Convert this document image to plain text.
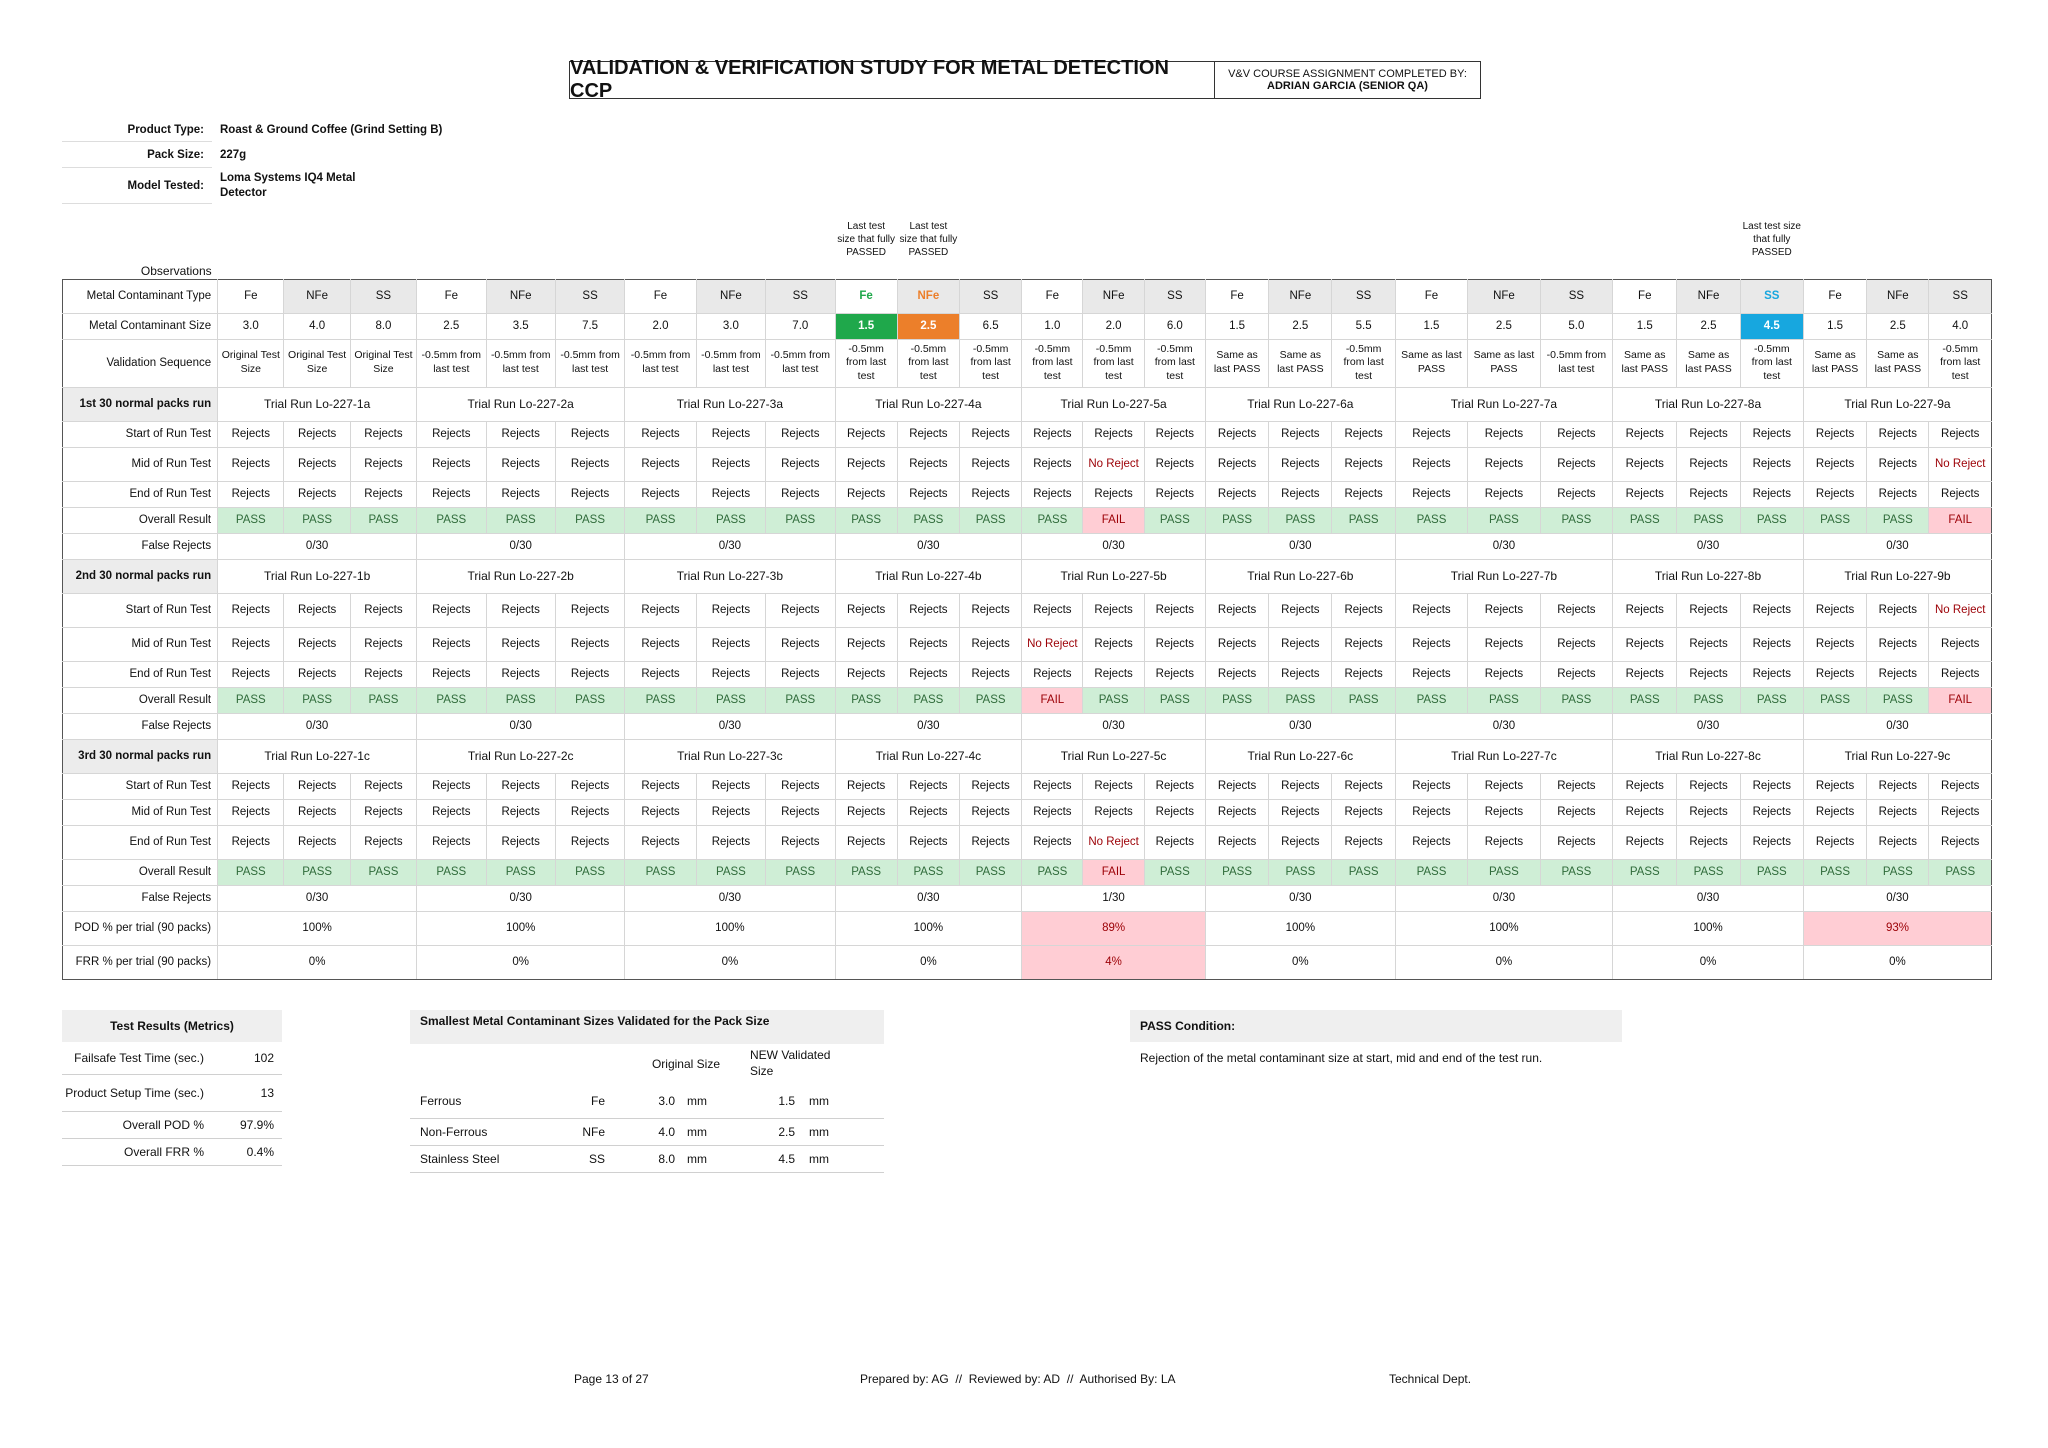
VALIDATION & VERIFICATION STUDY FOR METAL DETECTION CCP
V&V COURSE ASSIGNMENT COMPLETED BY:
ADRIAN GARCIA (SENIOR QA)
Product Type:	Roast & Ground Coffee (Grind Setting B)
Pack Size:	227g
Model Tested:
Loma Systems IQ4 Metal Detector
										Last test size that fully PASSED	Last test size that fully PASSED													Last test size that fully PASSED			
Observations																											
Metal Contaminant Type	Fe	NFe	SS	Fe	NFe	SS	Fe	NFe	SS	Fe	NFe	SS	Fe	NFe	SS	Fe	NFe	SS	Fe	NFe	SS	Fe	NFe	SS	Fe	NFe	SS
Metal Contaminant Size	3.0	4.0	8.0	2.5	3.5	7.5	2.0	3.0	7.0	1.5	2.5	6.5	1.0	2.0	6.0	1.5	2.5	5.5	1.5	2.5	5.0	1.5	2.5	4.5	1.5	2.5	4.0
Validation Sequence	Original Test Size	Original Test Size	Original Test Size	-0.5mm from last test	-0.5mm from last test	-0.5mm from last test	-0.5mm from last test	-0.5mm from last test	-0.5mm from last test	-0.5mm from last test	-0.5mm from last test	-0.5mm from last test	-0.5mm from last test	-0.5mm from last test	-0.5mm from last test	Same as last PASS	Same as last PASS	-0.5mm from last test	Same as last PASS	Same as last PASS	-0.5mm from last test	Same as last PASS	Same as last PASS	-0.5mm from last test	Same as last PASS	Same as last PASS	-0.5mm from last test
1st 30 normal packs run	Trial Run Lo-227-1a			Trial Run Lo-227-2a			Trial Run Lo-227-3a			Trial Run Lo-227-4a			Trial Run Lo-227-5a			Trial Run Lo-227-6a			Trial Run Lo-227-7a			Trial Run Lo-227-8a			Trial Run Lo-227-9a		
Start of Run Test	Rejects	Rejects	Rejects	Rejects	Rejects	Rejects	Rejects	Rejects	Rejects	Rejects	Rejects	Rejects	Rejects	Rejects	Rejects	Rejects	Rejects	Rejects	Rejects	Rejects	Rejects	Rejects	Rejects	Rejects	Rejects	Rejects	Rejects
Mid of Run Test	Rejects	Rejects	Rejects	Rejects	Rejects	Rejects	Rejects	Rejects	Rejects	Rejects	Rejects	Rejects	Rejects	No Reject	Rejects	Rejects	Rejects	Rejects	Rejects	Rejects	Rejects	Rejects	Rejects	Rejects	Rejects	Rejects	No Reject
End of Run Test	Rejects	Rejects	Rejects	Rejects	Rejects	Rejects	Rejects	Rejects	Rejects	Rejects	Rejects	Rejects	Rejects	Rejects	Rejects	Rejects	Rejects	Rejects	Rejects	Rejects	Rejects	Rejects	Rejects	Rejects	Rejects	Rejects	Rejects
Overall Result	PASS	PASS	PASS	PASS	PASS	PASS	PASS	PASS	PASS	PASS	PASS	PASS	PASS	FAIL	PASS	PASS	PASS	PASS	PASS	PASS	PASS	PASS	PASS	PASS	PASS	PASS	FAIL
False Rejects	0/30			0/30			0/30			0/30			0/30			0/30			0/30			0/30			0/30		
2nd 30 normal packs run	Trial Run Lo-227-1b			Trial Run Lo-227-2b			Trial Run Lo-227-3b			Trial Run Lo-227-4b			Trial Run Lo-227-5b			Trial Run Lo-227-6b			Trial Run Lo-227-7b			Trial Run Lo-227-8b			Trial Run Lo-227-9b		
Start of Run Test	Rejects	Rejects	Rejects	Rejects	Rejects	Rejects	Rejects	Rejects	Rejects	Rejects	Rejects	Rejects	Rejects	Rejects	Rejects	Rejects	Rejects	Rejects	Rejects	Rejects	Rejects	Rejects	Rejects	Rejects	Rejects	Rejects	No Reject
Mid of Run Test	Rejects	Rejects	Rejects	Rejects	Rejects	Rejects	Rejects	Rejects	Rejects	Rejects	Rejects	Rejects	No Reject	Rejects	Rejects	Rejects	Rejects	Rejects	Rejects	Rejects	Rejects	Rejects	Rejects	Rejects	Rejects	Rejects	Rejects
End of Run Test	Rejects	Rejects	Rejects	Rejects	Rejects	Rejects	Rejects	Rejects	Rejects	Rejects	Rejects	Rejects	Rejects	Rejects	Rejects	Rejects	Rejects	Rejects	Rejects	Rejects	Rejects	Rejects	Rejects	Rejects	Rejects	Rejects	Rejects
Overall Result	PASS	PASS	PASS	PASS	PASS	PASS	PASS	PASS	PASS	PASS	PASS	PASS	FAIL	PASS	PASS	PASS	PASS	PASS	PASS	PASS	PASS	PASS	PASS	PASS	PASS	PASS	FAIL
False Rejects	0/30			0/30			0/30			0/30			0/30			0/30			0/30			0/30			0/30		
3rd 30 normal packs run	Trial Run Lo-227-1c			Trial Run Lo-227-2c			Trial Run Lo-227-3c			Trial Run Lo-227-4c			Trial Run Lo-227-5c			Trial Run Lo-227-6c			Trial Run Lo-227-7c			Trial Run Lo-227-8c			Trial Run Lo-227-9c		
Start of Run Test	Rejects	Rejects	Rejects	Rejects	Rejects	Rejects	Rejects	Rejects	Rejects	Rejects	Rejects	Rejects	Rejects	Rejects	Rejects	Rejects	Rejects	Rejects	Rejects	Rejects	Rejects	Rejects	Rejects	Rejects	Rejects	Rejects	Rejects
Mid of Run Test	Rejects	Rejects	Rejects	Rejects	Rejects	Rejects	Rejects	Rejects	Rejects	Rejects	Rejects	Rejects	Rejects	Rejects	Rejects	Rejects	Rejects	Rejects	Rejects	Rejects	Rejects	Rejects	Rejects	Rejects	Rejects	Rejects	Rejects
End of Run Test	Rejects	Rejects	Rejects	Rejects	Rejects	Rejects	Rejects	Rejects	Rejects	Rejects	Rejects	Rejects	Rejects	No Reject	Rejects	Rejects	Rejects	Rejects	Rejects	Rejects	Rejects	Rejects	Rejects	Rejects	Rejects	Rejects	Rejects
Overall Result	PASS	PASS	PASS	PASS	PASS	PASS	PASS	PASS	PASS	PASS	PASS	PASS	PASS	FAIL	PASS	PASS	PASS	PASS	PASS	PASS	PASS	PASS	PASS	PASS	PASS	PASS	PASS
False Rejects	0/30			0/30			0/30			0/30			1/30			0/30			0/30			0/30			0/30		
POD % per trial (90 packs)	100%			100%			100%			100%			89%			100%			100%			100%			93%		
FRR % per trial (90 packs)	0%			0%			0%			0%			4%			0%			0%			0%			0%		
Test Results (Metrics)
Failsafe Test Time (sec.)	102
Product Setup Time (sec.)	13
Overall POD %	97.9%
Overall FRR %	0.4%
Smallest Metal Contaminant Sizes Validated for the Pack Size
Original Size
NEW Validated Size
Ferrous	Fe	3.0	mm	1.5	mm
Non-Ferrous	NFe	4.0	mm	2.5	mm
Stainless Steel	SS	8.0	mm	4.5	mm
PASS Condition:
Rejection of the metal contaminant size at start, mid and end of the test run.
Page 13 of 27	Prepared by: AG  //  Reviewed by: AD  //  Authorised By: LA	Technical Dept.
